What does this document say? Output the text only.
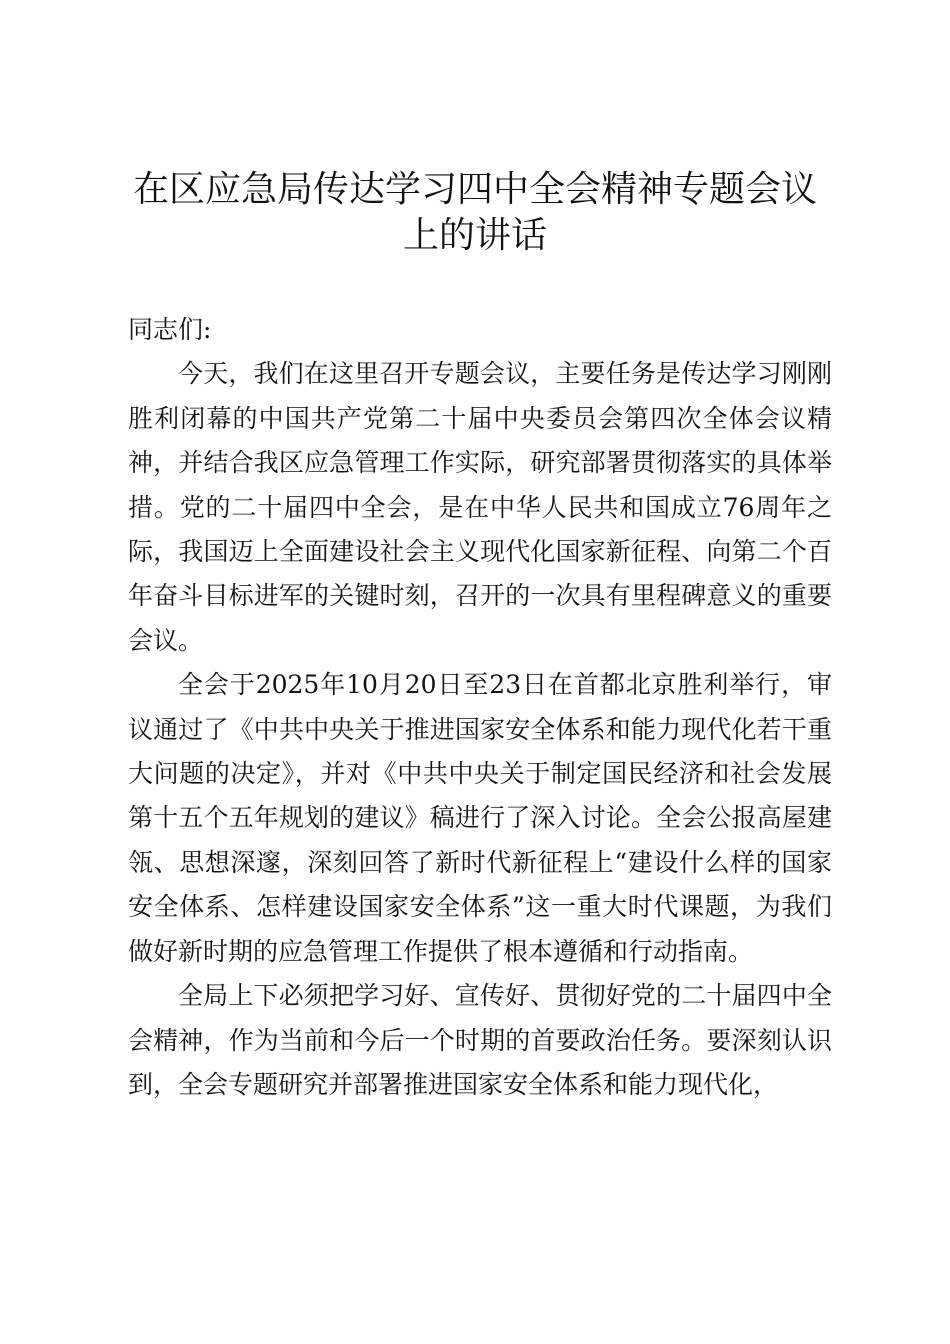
在区应急局传达学习四中全会精神专题会议上的讲话

同志们:

今天，我们在这里召开专题会议，主要任务是传达学习刚刚胜利闭幕的中国共产党第二十届中央委员会第四次全体会议精神，并结合我区应急管理工作实际，研究部署贯彻落实的具体举措。党的二十届四中全会，是在中华人民共和国成立76周年之际，我国迈上全面建设社会主义现代化国家新征程、向第二个百年奋斗目标进军的关键时刻，召开的一次具有里程碑意义的重要会议。

全会于2025年10月20日至23日在首都北京胜利举行，审议通过了《中共中央关于推进国家安全体系和能力现代化若干重大问题的决定》，并对《中共中央关于制定国民经济和社会发展第十五个五年规划的建议》稿进行了深入讨论。全会公报高屋建瓴、思想深邃，深刻回答了新时代新征程上“建设什么样的国家安全体系、怎样建设国家安全体系”这一重大时代课题，为我们做好新时期的应急管理工作提供了根本遵循和行动指南。

全局上下必须把学习好、宣传好、贯彻好党的二十届四中全会精神，作为当前和今后一个时期的首要政治任务。要深刻认识到，全会专题研究并部署推进国家安全体系和能力现代化，
